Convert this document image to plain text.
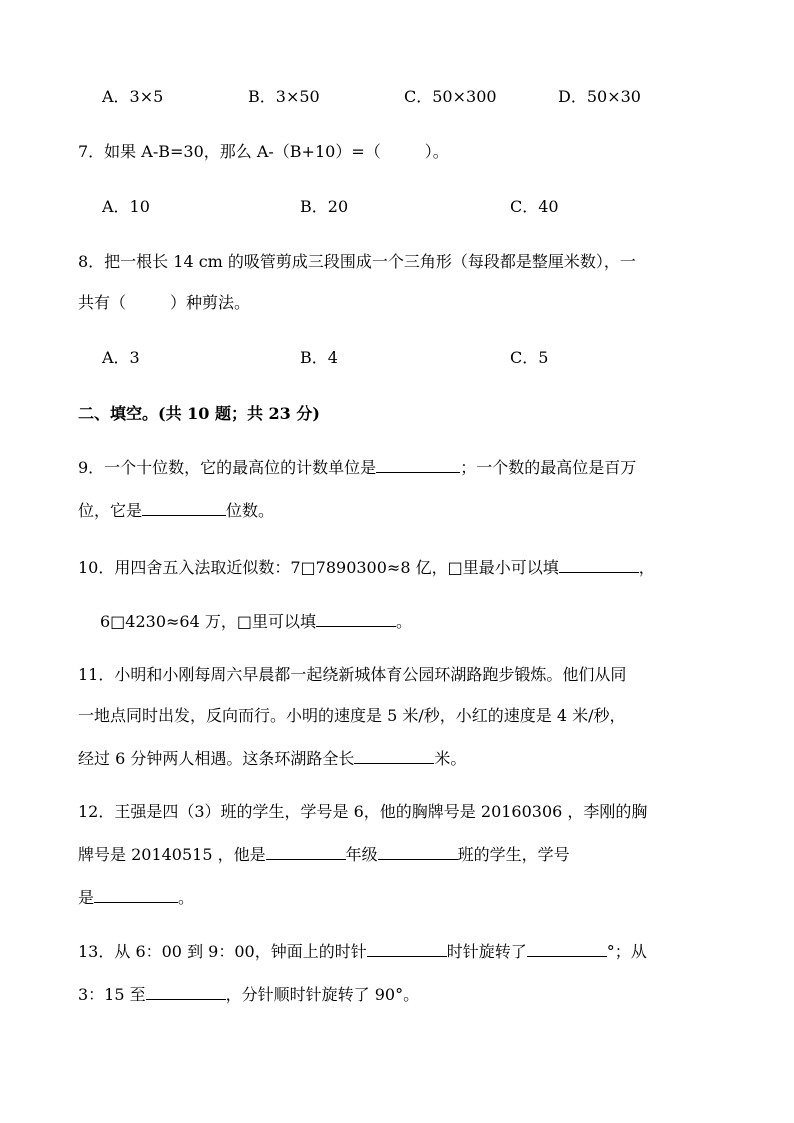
A．3×5	B．3×50	C．50×300	D．50×30
7．如果 A-B=30，那么 A-（B+10）=（	）。
A．10	B．20	C．40
8．把一根长 14 cm 的吸管剪成三段围成一个三角形（每段都是整厘米数），一
共有（	）种剪法。
A．3	B．4	C．5
二、填空。(共 10 题；共 23 分)
9．一个十位数，它的最高位的计数单位是	；一个数的最高位是百万
位，它是	位数。
10．用四舍五入法取近似数：7□7890300≈8 亿，□里最小可以填	，
6□4230≈64 万，□里可以填	。
11．小明和小刚每周六早晨都一起绕新城体育公园环湖路跑步锻炼。他们从同
一地点同时出发，反向而行。小明的速度是 5 米/秒，小红的速度是 4 米/秒，
经过 6 分钟两人相遇。这条环湖路全长	米。
12．王强是四（3）班的学生，学号是 6，他的胸牌号是 20160306 ，李刚的胸
牌号是 20140515 ，他是	年级	班的学生，学号
是	。
13．从 6：00 到 9：00，钟面上的时针	时针旋转了	°；从
3：15 至	，分针顺时针旋转了 90°。
